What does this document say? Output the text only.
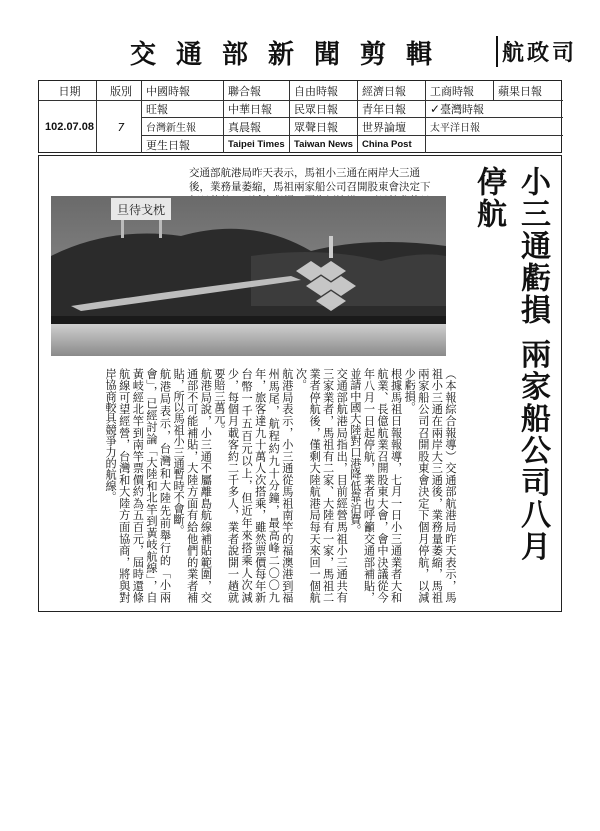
交通部新聞剪輯 航政司
日期	版別	中國時報	聯合報	自由時報	經濟日報	工商時報	蘋果日報
102.07.08	7
旺報	中華日報	民眾日報	青年日報	✓ 臺灣時報
台灣新生報	真晨報	眾聲日報	世界論壇	太平洋日報
更生日報	Taipei Times Taiwan News China Post
交通部航港局昨天表示，馬祖小三通在兩岸大三通後，業務量萎縮，馬祖兩家船公司召開股東會決定下
旦待戈枕	小三通虧損 兩家船公司八月停航

（本報綜合報導）交通部航港局昨天表示，馬祖小三通在兩岸大三通後，業務量萎縮，馬祖兩家船公司召開股東會決定下個月停航，以減少虧損。

根據馬祖日報報導，七月一日小三通業者大和航業、長億航業召開股東大會，會中決議從今年八月一日起停航，業者也呼籲交通部補貼，並請中國大陸對口港降低靠泊費。

交通部航港局指出，目前經營馬祖小三通共有三家業者，馬祖有二家、大陸有一家，馬祖二業者停航後，僅剩大陸航港局每天來回一個航次。

航港局表示，小三通從馬祖南竿的福澳港到福州馬尾，航程約九十分鐘，最高峰二〇〇九年，旅客達九十萬人次搭乘，雖然票價每年新台幣一千五百元以上，但近年來搭乘人次減少，每個月載客約二千多人，業者說開一趟就要賠三萬元。

航港局說，小三通不屬離島航線補貼範圍，交通部不可能補貼，大陸方面有給他們的業者補貼，所以馬祖小三通暫時不會斷。

航港局表示，台灣和大陸先前舉行的「小兩會」，已經討論「大陸和北竿到黃岐航線」，自黃岐經北竿到南竿票價約為五百元，屆時還條航線可望經營，台灣和大陸方面協商，將與對岸協商較具競爭力的航線。
